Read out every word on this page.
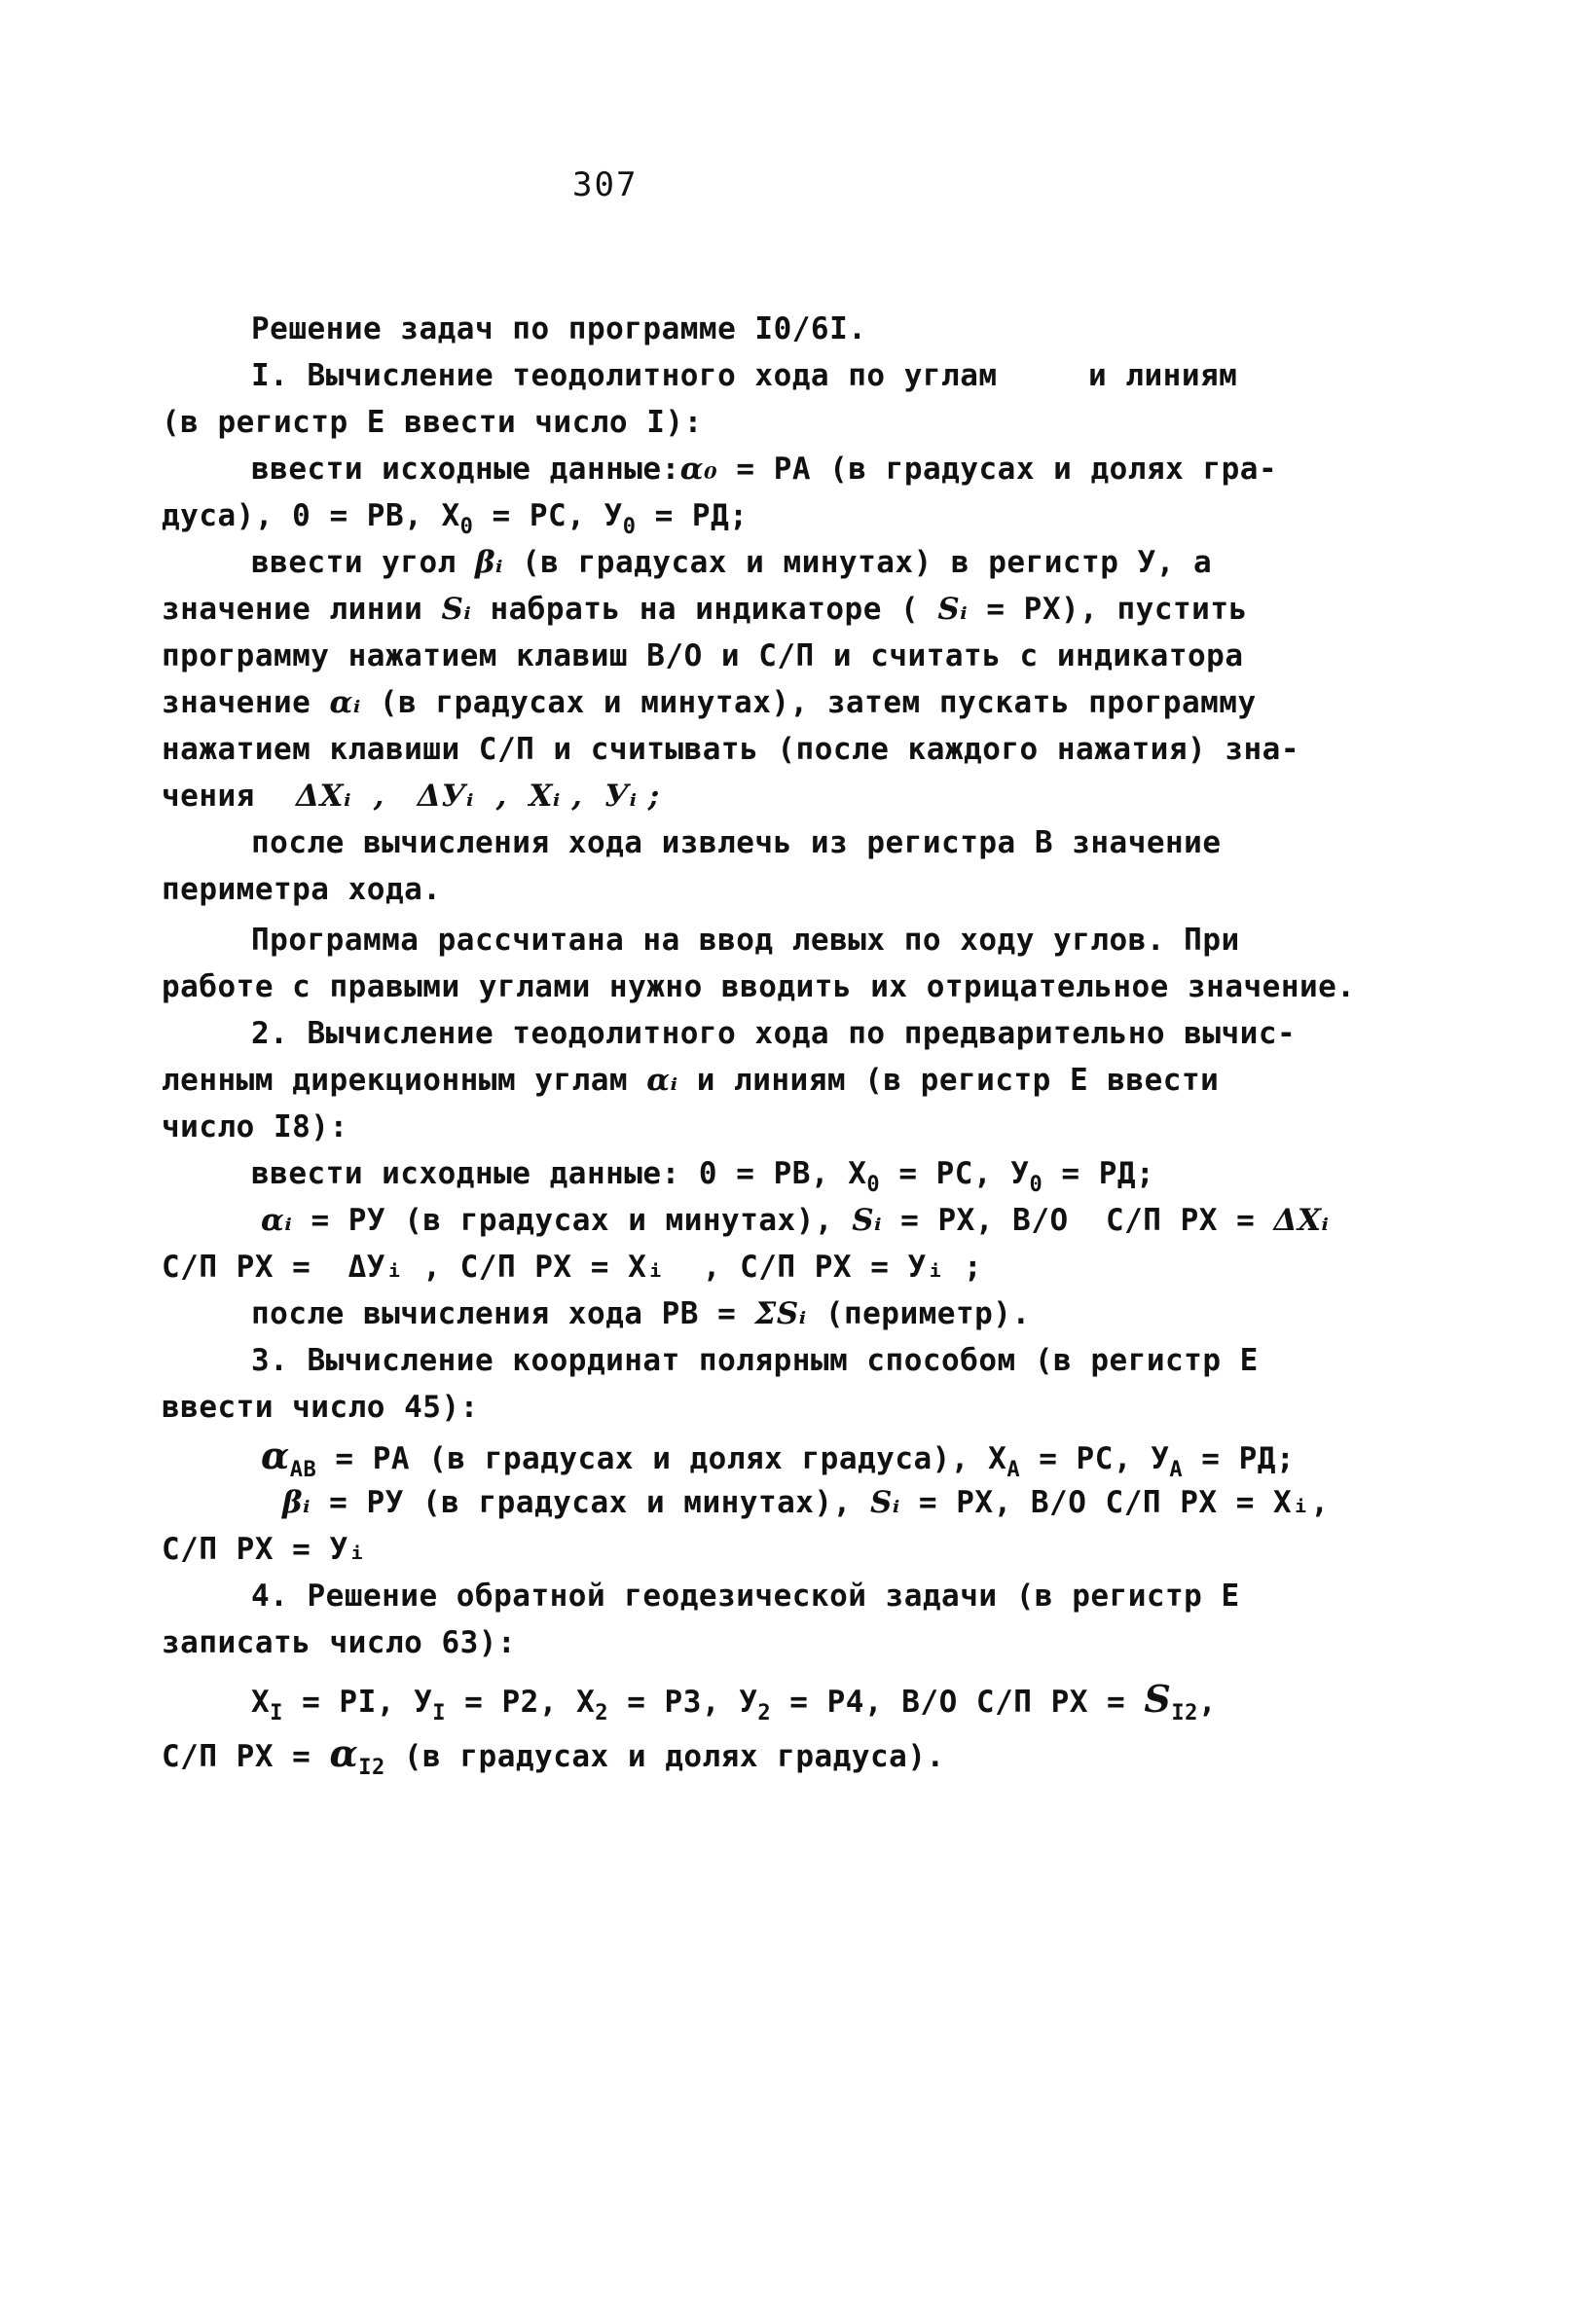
307
Решение задач по программе I0/6I.
I. Вычисление теодолитного хода по углам	и линиям
(в регистр Е ввести число I):
ввести исходные данные:α₀ = РА (в градусах и долях гра-
дуса), 0 = РВ, $Х_0$ = РС, $У_0$ = РД;
ввести угол βᵢ (в градусах и минутах) в регистр У, а
значение линии Sᵢ набрать на индикаторе ( Sᵢ = РХ), пустить
программу нажатием клавиш В/О и С/П и считать с индикатора
значение αᵢ (в градусах и минутах), затем пускать программу
нажатием клавиши С/П и считывать (после каждого нажатия) зна-
чения ΔХᵢ  ,   ΔУᵢ  ,  Хᵢ ,  Уᵢ ;
после вычисления хода извлечь из регистра В значение
периметра хода.
Программа рассчитана на ввод левых по ходу углов. При
работе с правыми углами нужно вводить их отрицательное значение.
2. Вычисление теодолитного хода по предварительно вычис-
ленным дирекционным углам αᵢ и линиям (в регистр Е ввести
число I8):
ввести исходные данные: 0 = РВ, $Х_0$ = РС, $У_0$ = РД;
αᵢ = РУ (в градусах и минутах), Sᵢ = РХ, В/О  С/П РХ = ΔХᵢ
С/П РХ =  ΔУᵢ , С/П РХ = Хᵢ  , С/П РХ = Уᵢ ;
после вычисления хода РВ = ΣSᵢ (периметр).
3. Вычисление координат полярным способом (в регистр Е
ввести число 45):
$\alpha_{АВ}$ = РА (в градусах и долях градуса), $Х_А$ = РС, $У_А$ = РД;
βᵢ = РУ (в градусах и минутах), Sᵢ = РХ, В/О С/П РХ = Хᵢ,
С/П РХ = Уᵢ
4. Решение обратной геодезической задачи (в регистр Е
записать число 63):
$Х_I$ = РI, $У_I = Р2$, $Х_2 = Р3$, $У_2 = Р4$, В/О С/П РХ = $S_{I2}$,
С/П РХ = $\alpha_{I2}$ (в градусах и долях градуса).
